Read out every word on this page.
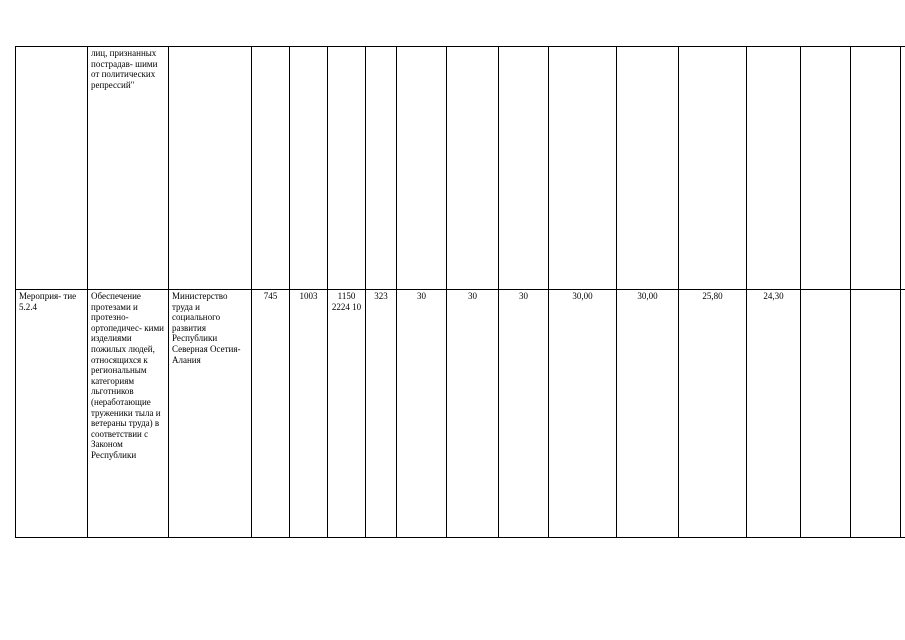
	лиц, признанных пострадав- шими от политических репрессий"															
Мероприя- тие 5.2.4	Обеспечение протезами и протезно- ортопедичес- кими изделиями пожилых людей, относящихся к региональным категориям льготников (неработающие труженики тыла и ветераны труда) в соответствии с Законом Республики	Министерство труда и социального развития Республики Северная Осетия-Алания	745	1003	1150 2224 10	323	30	30	30	30,00	30,00	25,80	24,30			
